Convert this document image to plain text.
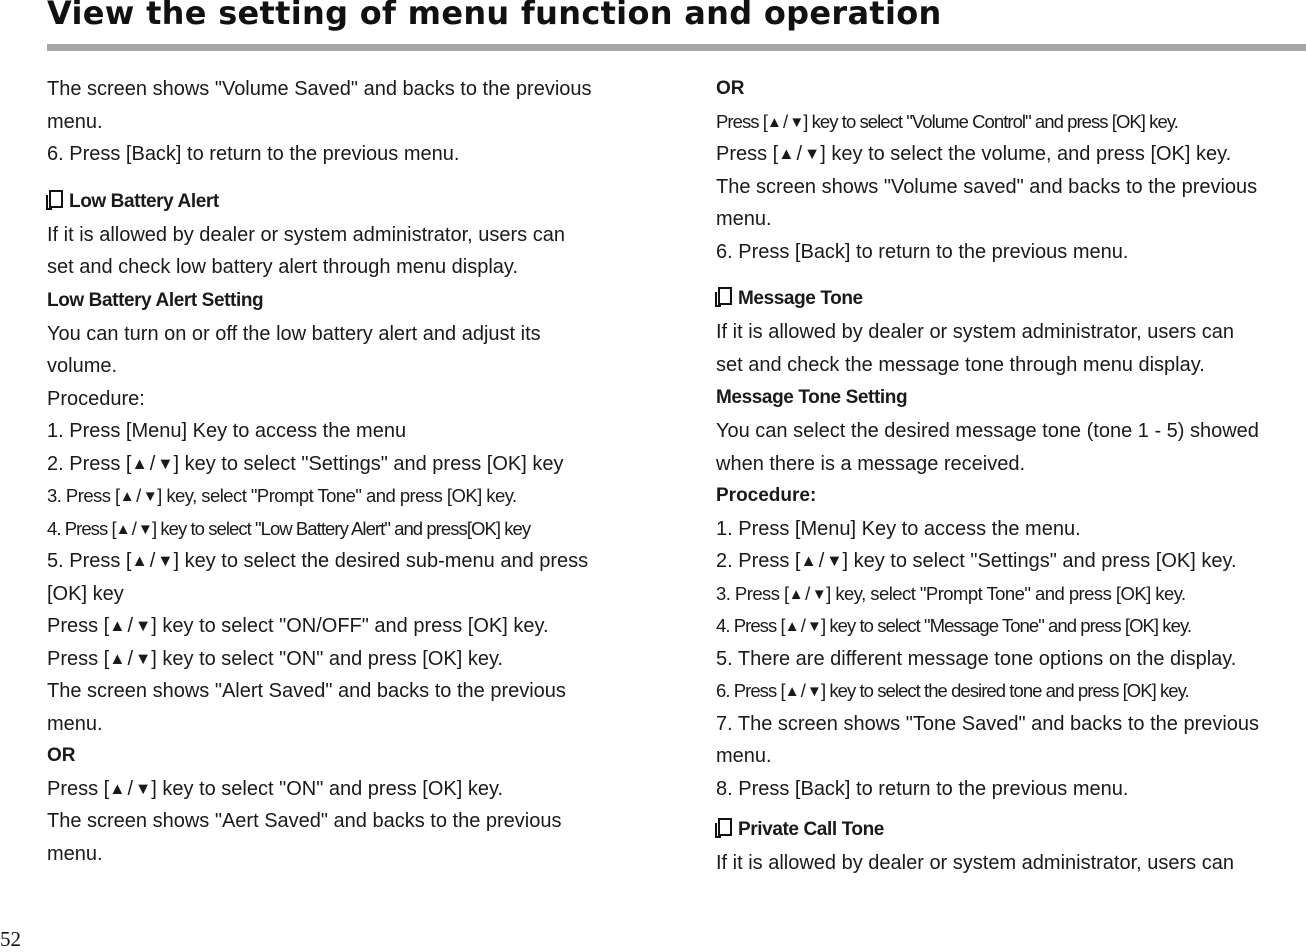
View the setting of menu function and operation
The screen shows "Volume Saved" and backs to the previous
menu.
6. Press [Back] to return to the previous menu.
Low Battery Alert
If it is allowed by dealer or system administrator, users can
set and check low battery alert through menu display.
Low Battery Alert Setting
You can turn on or off the low battery alert and adjust its
volume.
Procedure:
1. Press [Menu] Key to access the menu
2. Press [▲ / ▼] key to select "Settings" and press [OK] key
3. Press [▲ / ▼] key, select "Prompt Tone" and press [OK] key.
4. Press [▲ / ▼] key to select "Low Battery Alert" and press[OK] key
5. Press [▲ / ▼] key to select the desired sub-menu and press
[OK] key
Press [▲ / ▼] key to select "ON/OFF" and press [OK] key.
Press [▲ / ▼] key to select "ON" and press [OK] key.
The screen shows "Alert Saved" and backs to the previous
menu.
OR
Press [▲ / ▼] key to select "ON" and press [OK] key.
The screen shows "Aert Saved" and backs to the previous
menu.
OR
Press [▲ / ▼] key to select "Volume Control" and press [OK] key.
Press [▲ / ▼] key to select the volume, and press [OK] key.
The screen shows "Volume saved" and backs to the previous
menu.
6. Press [Back] to return to the previous menu.
Message Tone
If it is allowed by dealer or system administrator, users can
set and check the message tone through menu display.
Message Tone Setting
You can select the desired message tone (tone 1 - 5) showed
when there is a message received.
Procedure:
1. Press [Menu] Key to access the menu.
2. Press [▲ / ▼] key to select "Settings" and press [OK] key.
3. Press [▲ / ▼] key, select "Prompt Tone" and press [OK] key.
4. Press [▲ / ▼] key to select "Message Tone" and press [OK] key.
5. There are different message tone options on the display.
6. Press [▲ / ▼] key to select the desired tone and press [OK] key.
7. The screen shows "Tone Saved" and backs to the previous
menu.
8. Press [Back] to return to the previous menu.
Private Call Tone
If it is allowed by dealer or system administrator, users can
52
